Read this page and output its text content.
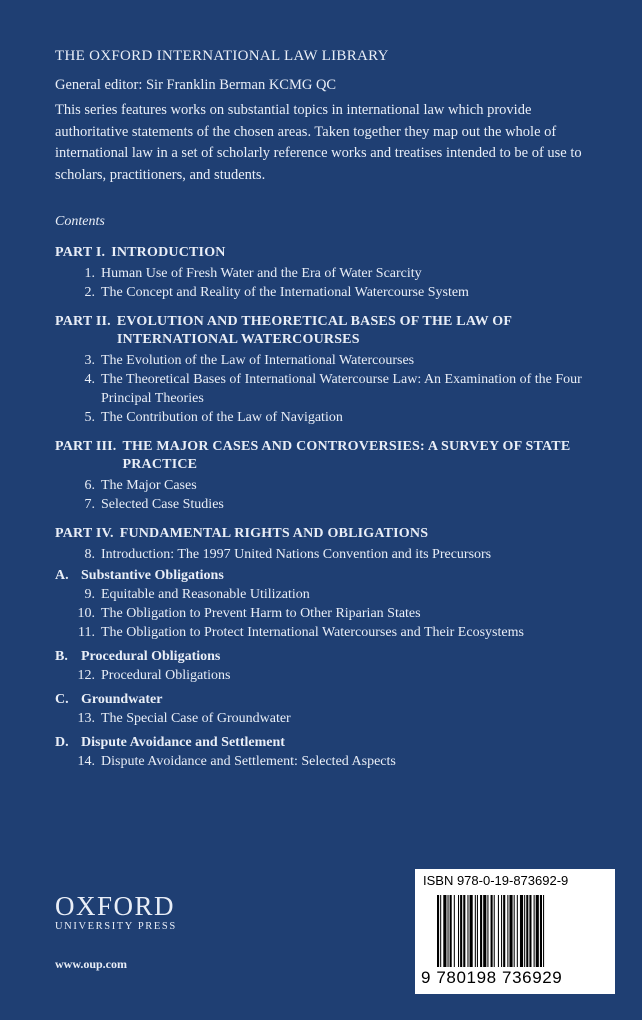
THE OXFORD INTERNATIONAL LAW LIBRARY
General editor: Sir Franklin Berman KCMG QC

This series features works on substantial topics in international law which provide authoritative statements of the chosen areas. Taken together they map out the whole of international law in a set of scholarly reference works and treatises intended to be of use to scholars, practitioners, and students.

Contents
PART I. INTRODUCTION
1. Human Use of Fresh Water and the Era of Water Scarcity
2. The Concept and Reality of the International Watercourse System
PART II. EVOLUTION AND THEORETICAL BASES OF THE LAW OF INTERNATIONAL WATERCOURSES
3. The Evolution of the Law of International Watercourses
4. The Theoretical Bases of International Watercourse Law: An Examination of the Four Principal Theories
5. The Contribution of the Law of Navigation
PART III. THE MAJOR CASES AND CONTROVERSIES: A SURVEY OF STATE PRACTICE
6. The Major Cases
7. Selected Case Studies
PART IV. FUNDAMENTAL RIGHTS AND OBLIGATIONS
8. Introduction: The 1997 United Nations Convention and its Precursors
A. Substantive Obligations
9. Equitable and Reasonable Utilization
10. The Obligation to Prevent Harm to Other Riparian States
11. The Obligation to Protect International Watercourses and Their Ecosystems
B. Procedural Obligations
12. Procedural Obligations
C. Groundwater
13. The Special Case of Groundwater
D. Dispute Avoidance and Settlement
14. Dispute Avoidance and Settlement: Selected Aspects
OXFORD
UNIVERSITY PRESS
www.oup.com
ISBN 978-0-19-873692-9
9 780198 736929
